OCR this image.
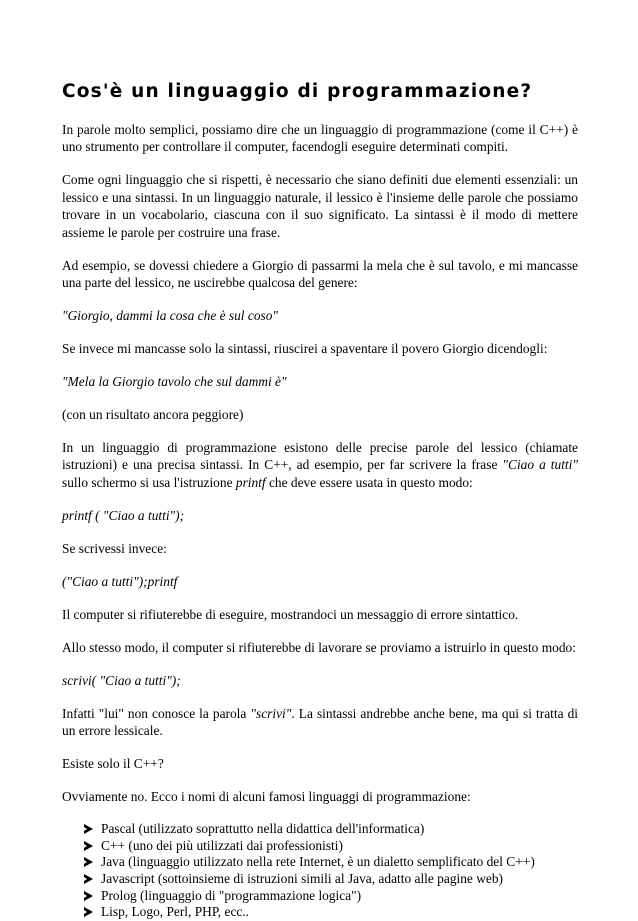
Cos'è un linguaggio di programmazione?

In parole molto semplici, possiamo dire che un linguaggio di programmazione (come il C++) è uno strumento per controllare il computer, facendogli eseguire determinati compiti.

Come ogni linguaggio che si rispetti, è necessario che siano definiti due elementi essenziali: un lessico e una sintassi. In un linguaggio naturale, il lessico è l'insieme delle parole che possiamo trovare in un vocabolario, ciascuna con il suo significato. La sintassi è il modo di mettere assieme le parole per costruire una frase.

Ad esempio, se dovessi chiedere a Giorgio di passarmi la mela che è sul tavolo, e mi mancasse una parte del lessico, ne uscirebbe qualcosa del genere:

"Giorgio, dammi la cosa che è sul coso"

Se invece mi mancasse solo la sintassi, riuscirei a spaventare il povero Giorgio dicendogli:

"Mela la Giorgio tavolo che sul dammi è"

(con un risultato ancora peggiore)

In un linguaggio di programmazione esistono delle precise parole del lessico (chiamate istruzioni) e una precisa sintassi. In C++, ad esempio, per far scrivere la frase "Ciao a tutti" sullo schermo si usa l'istruzione printf che deve essere usata in questo modo:

printf ( "Ciao a tutti");

Se scrivessi invece:

("Ciao a tutti");printf

Il computer si rifiuterebbe di eseguire, mostrandoci un messaggio di errore sintattico.

Allo stesso modo, il computer si rifiuterebbe di lavorare se proviamo a istruirlo in questo modo:

scrivi( "Ciao a tutti");

Infatti "lui" non conosce la parola "scrivi". La sintassi andrebbe anche bene, ma qui si tratta di un errore lessicale.

Esiste solo il C++?

Ovviamente no. Ecco i nomi di alcuni famosi linguaggi di programmazione:

Pascal (utilizzato soprattutto nella didattica dell'informatica)
C++ (uno dei più utilizzati dai professionisti)
Java (linguaggio utilizzato nella rete Internet, è un dialetto semplificato del C++)
Javascript (sottoinsieme di istruzioni simili al Java, adatto alle pagine web)
Prolog (linguaggio di "programmazione logica")
Lisp, Logo, Perl, PHP, ecc..
